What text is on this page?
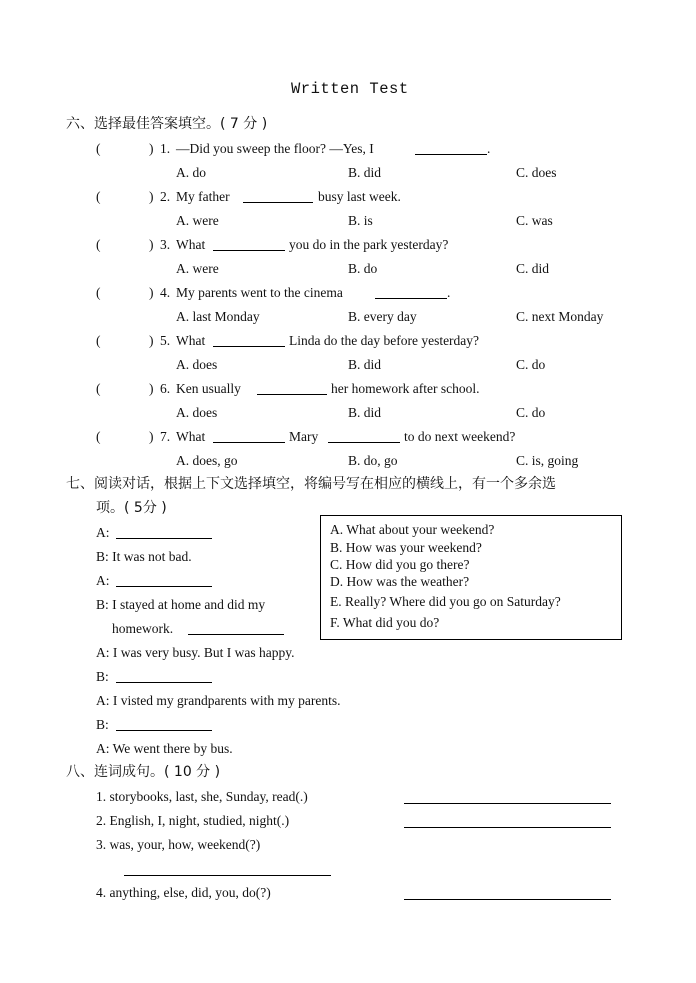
Written Test
六、选择最佳答案填空。( 7 分 )
(	) 1. —Did you sweep the floor? —Yes, I	.
A. do	B. did	C. does
(	) 2. My father	busy last week.
A. were	B. is	C. was
(	) 3. What	you do in the park yesterday?
A. were	B. do	C. did
(	) 4. My parents went to the cinema	.
A. last Monday	B. every day	C. next Monday
(	) 5. What	Linda do the day before yesterday?
A. does	B. did	C. do
(	) 6. Ken usually	her homework after school.
A. does	B. did	C. do
(	) 7. What	Mary	to do next weekend?
A. does, go	B. do, go	C. is, going
七、阅读对话，根据上下文选择填空，将编号写在相应的横线上，有一个多余选
项。( 5分 )
A:
B: It was not bad.
A:
B: I stayed at home and did my
homework.
A: I was very busy. But I was happy.
B:
A: I visted my grandparents with my parents.
B:
A: We went there by bus.
A. What about your weekend?
B. How was your weekend?
C. How did you go there?
D. How was the weather?
E. Really? Where did you go on Saturday?
F. What did you do?
八、连词成句。( 10 分 )
1. storybooks, last, she, Sunday, read(.)
2. English, I, night, studied, night(.)
3. was, your, how, weekend(?)
4. anything, else, did, you, do(?)
